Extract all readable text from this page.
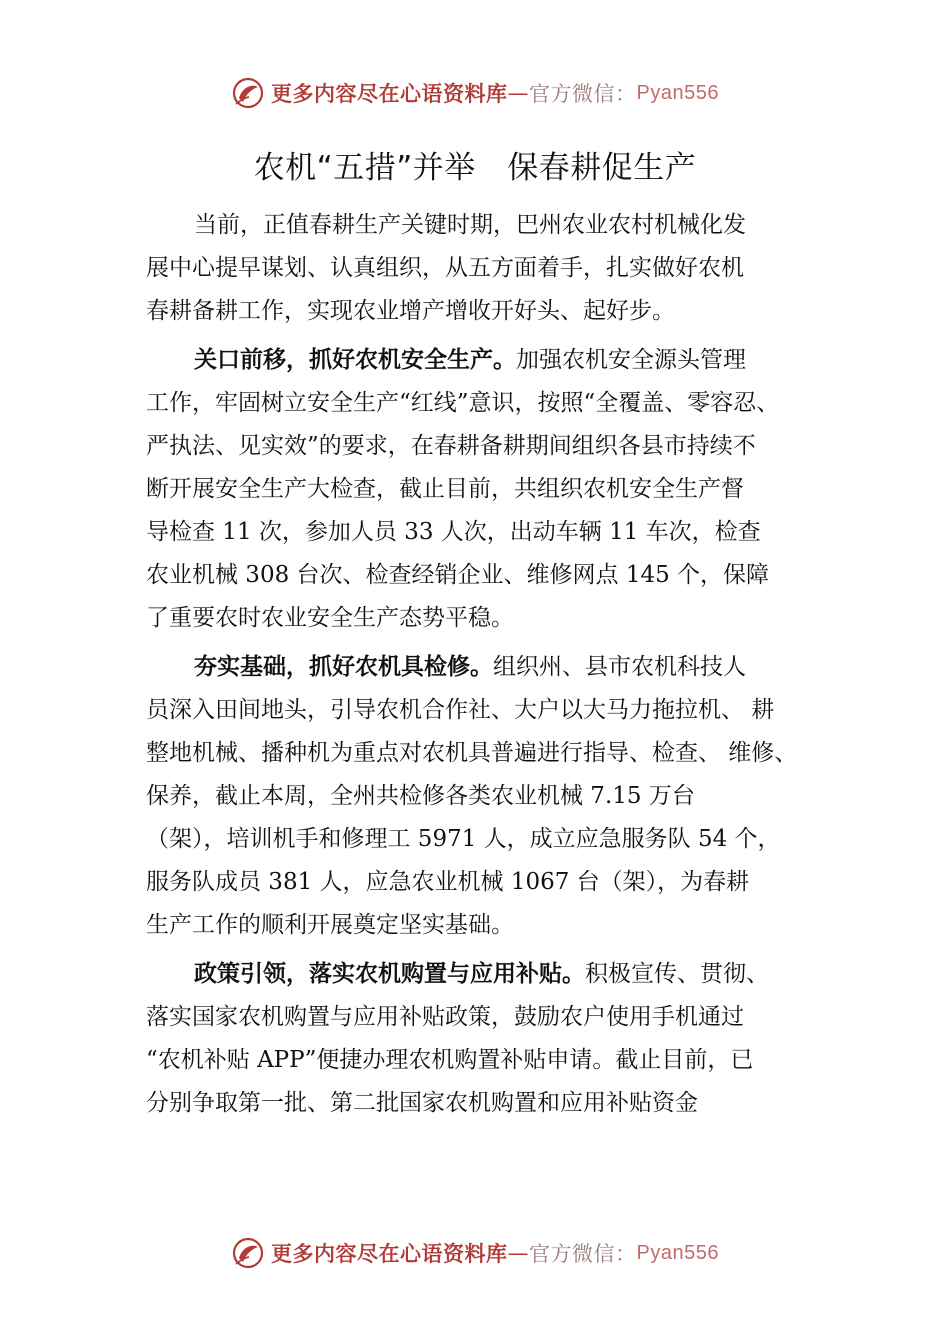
更多内容尽在心语资料库 — 官方微信： Pyan556
农机“五措”并举　保春耕促生产

当前，正值春耕生产关键时期，巴州农业农村机械化发
展中心提早谋划、认真组织，从五方面着手，扎实做好农机
春耕备耕工作，实现农业增产增收开好头、起好步。

关口前移，抓好农机安全生产。加强农机安全源头管理
工作，牢固树立安全生产“红线”意识，按照“全覆盖、零容忍、
严执法、见实效”的要求，在春耕备耕期间组织各县市持续不
断开展安全生产大检查，截止目前，共组织农机安全生产督
导检查 11 次，参加人员 33 人次，出动车辆 11 车次，检查
农业机械 308 台次、检查经销企业、维修网点 145 个，保障
了重要农时农业安全生产态势平稳。

夯实基础，抓好农机具检修。组织州、县市农机科技人
员深入田间地头，引导农机合作社、大户以大马力拖拉机、 耕
整地机械、播种机为重点对农机具普遍进行指导、检查、 维修、
保养，截止本周，全州共检修各类农业机械 7.15 万台
（架），培训机手和修理工 5971 人，成立应急服务队 54 个，
服务队成员 381 人，应急农业机械 1067 台（架），为春耕
生产工作的顺利开展奠定坚实基础。

政策引领，落实农机购置与应用补贴。积极宣传、贯彻、
落实国家农机购置与应用补贴政策，鼓励农户使用手机通过
“农机补贴 APP”便捷办理农机购置补贴申请。截止目前，已
分别争取第一批、第二批国家农机购置和应用补贴资金

更多内容尽在心语资料库 — 官方微信： Pyan556
